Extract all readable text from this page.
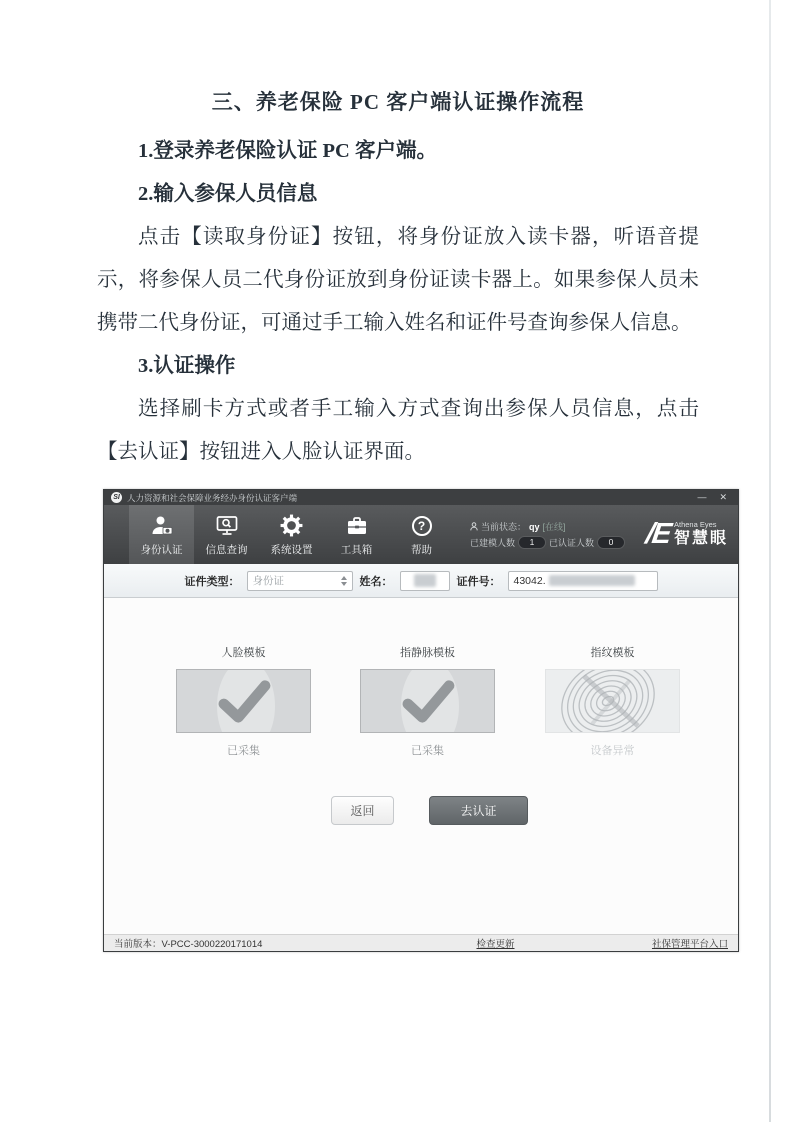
三、养老保险 PC 客户端认证操作流程

1.登录养老保险认证 PC 客户端。

2.输入参保人员信息

点击【读取身份证】按钮，将身份证放入读卡器，听语音提示，将参保人员二代身份证放到身份证读卡器上。如果参保人员未携带二代身份证，可通过手工输入姓名和证件号查询参保人信息。

3.认证操作

选择刷卡方式或者手工输入方式查询出参保人员信息，点击【去认证】按钮进入人脸认证界面。

SI 人力资源和社会保障业务经办身份认证客户端	—	✕
身份认证 信息查询 系统设置	工具箱
?
帮助
当前状态： qy [在线]
已建模人数	1	已认证人数	0	/E Athena Eyes
智慧眼
证件类型： 身份证	姓名：	证件号： 43042.
人脸模板
已采集
指静脉模板
已采集
指纹模板
设备异常
返回	去认证
当前版本：V-PCC-3000220171014	检查更新	社保管理平台入口
